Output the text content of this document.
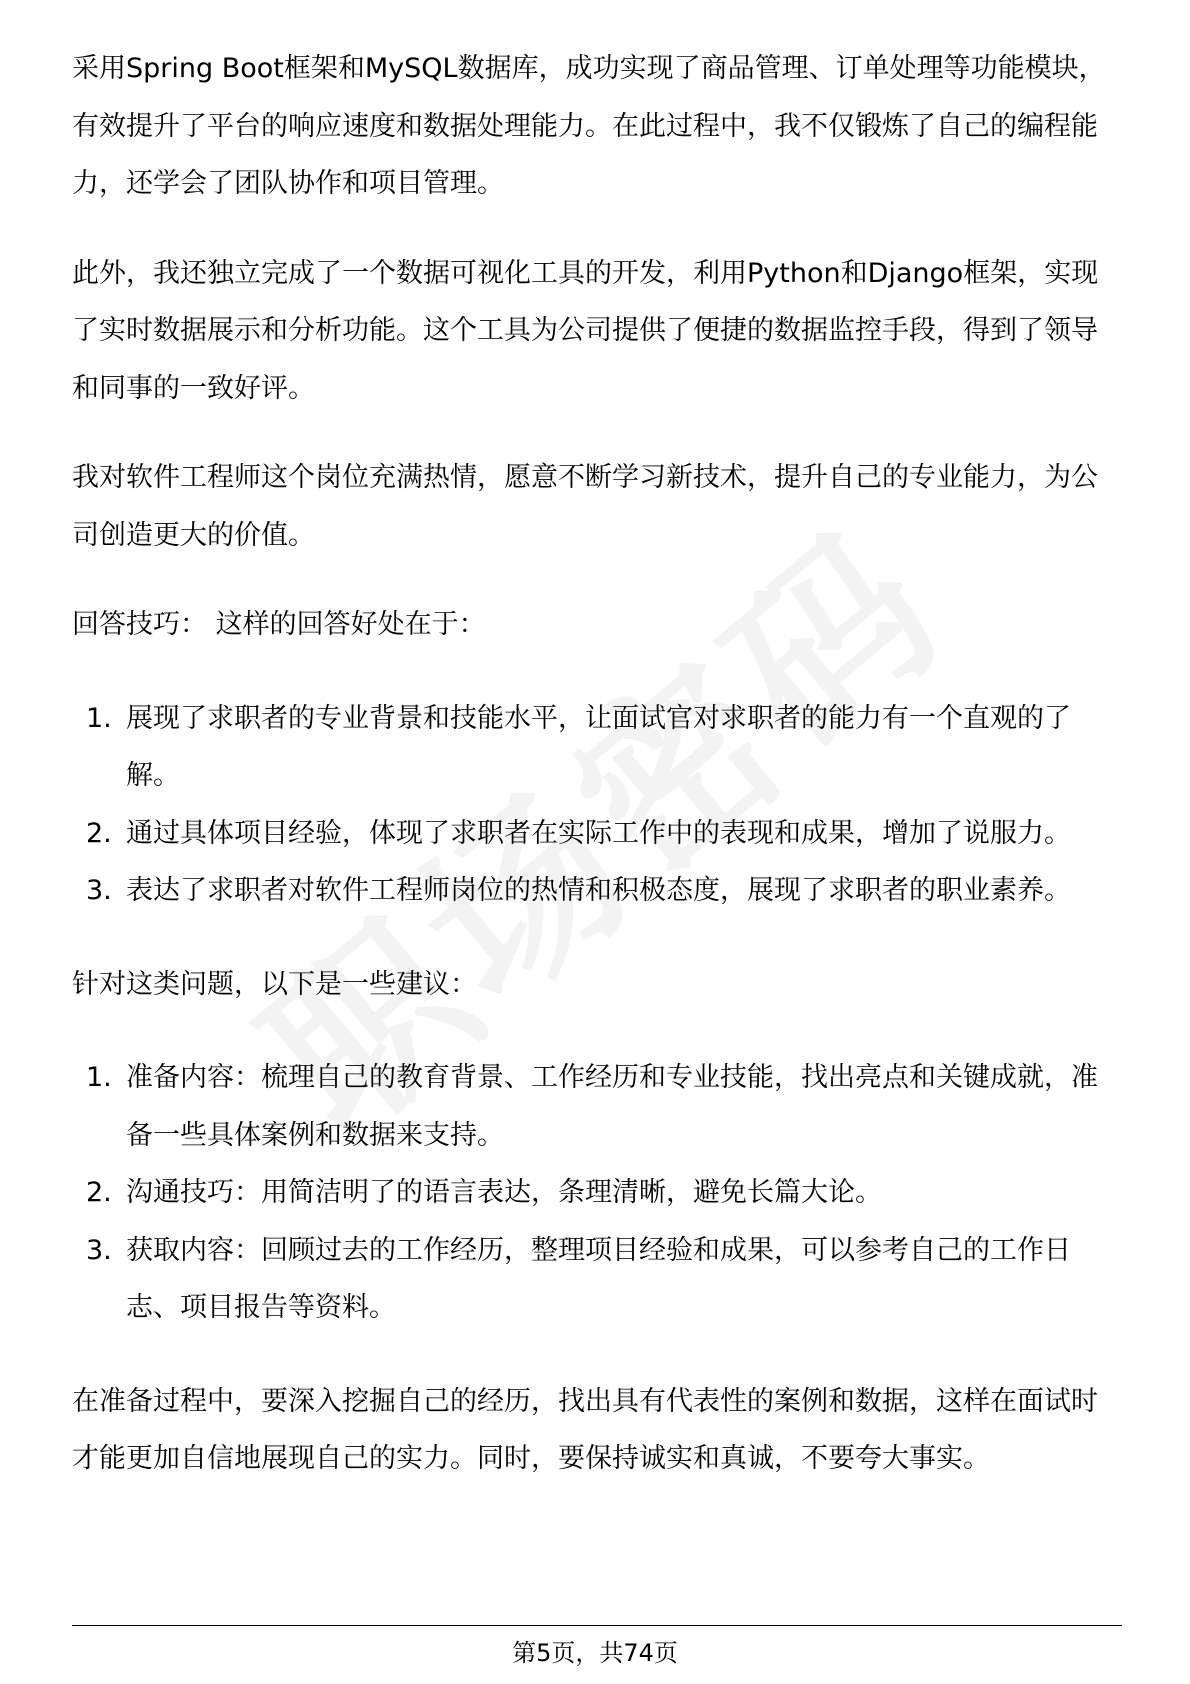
采用Spring Boot框架和MySQL数据库，成功实现了商品管理、订单处理等功能模块，有效提升了平台的响应速度和数据处理能力。在此过程中，我不仅锻炼了自己的编程能力，还学会了团队协作和项目管理。

此外，我还独立完成了一个数据可视化工具的开发，利用Python和Django框架，实现了实时数据展示和分析功能。这个工具为公司提供了便捷的数据监控手段，得到了领导和同事的一致好评。

我对软件工程师这个岗位充满热情，愿意不断学习新技术，提升自己的专业能力，为公司创造更大的价值。

回答技巧： 这样的回答好处在于：

1. 展现了求职者的专业背景和技能水平，让面试官对求职者的能力有一个直观的了解。
2. 通过具体项目经验，体现了求职者在实际工作中的表现和成果，增加了说服力。
3. 表达了求职者对软件工程师岗位的热情和积极态度，展现了求职者的职业素养。

针对这类问题，以下是一些建议：

1. 准备内容：梳理自己的教育背景、工作经历和专业技能，找出亮点和关键成就，准备一些具体案例和数据来支持。
2. 沟通技巧：用简洁明了的语言表达，条理清晰，避免长篇大论。
3. 获取内容：回顾过去的工作经历，整理项目经验和成果，可以参考自己的工作日志、项目报告等资料。

在准备过程中，要深入挖掘自己的经历，找出具有代表性的案例和数据，这样在面试时才能更加自信地展现自己的实力。同时，要保持诚实和真诚，不要夸大事实。

第5页，共74页
